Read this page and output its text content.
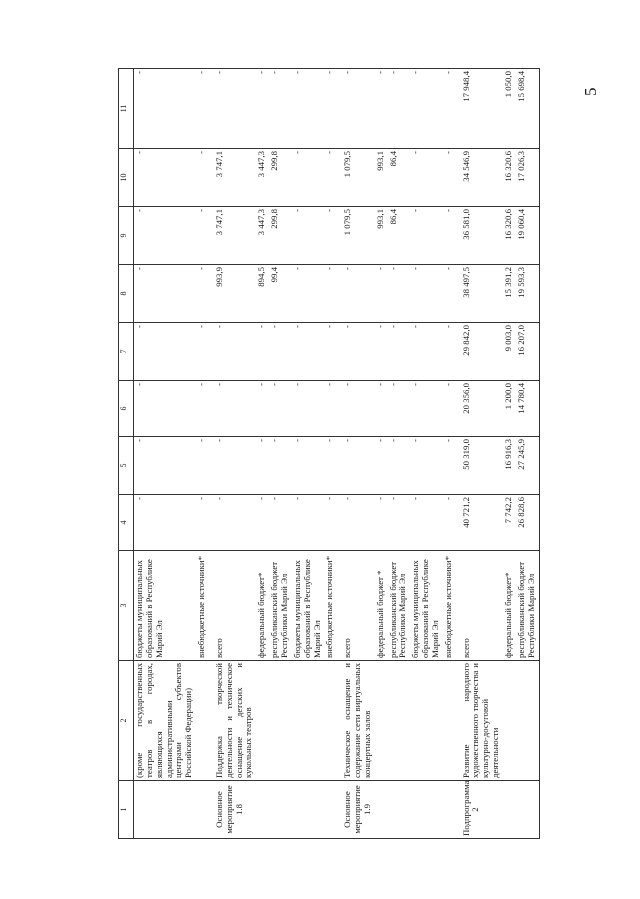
5
1	2	3	4	5	6	7	8	9	10	11
	(кроме государственных театров в городах, являющихся административными центрами субъектов Российской Федерации)	бюджеты муниципальных образований в Республике Марий Эл	-	-	-	-	-	-	-	-
		внебюджетные источники*	-	-	-	-	-	-	-	-
Основное мероприятие 1.8	Поддержка творческой деятельности и техническое оснащение детских и кукольных театров	всего	-	-	-	-	993,9	3 747,1	3 747,1	-
		федеральный бюджет*	-	-	-	-	894,5	3 447,3	3 447,3	-
		республиканский бюджет Республики Марий Эл	-	-	-	-	99,4	299,8	299,8	-
		бюджеты муниципальных образований в Республике Марий Эл	-	-	-	-	-	-	-	-
		внебюджетные источники*	-	-	-	-	-	-	-	-
Основное мероприятие 1.9	Техническое оснащение и содержание сети виртуальных концертных залов	всего	-	-	-	-	-	1 079,5	1 079,5	-
		федеральный бюджет *	-	-	-	-	-	993,1	993,1	-
		республиканский бюджет Республики Марий Эл	-	-	-	-	-	86,4	86,4	-
		бюджеты муниципальных образований в Республике Марий Эл	-	-	-	-	-	-	-	-
		внебюджетные источники*	-	-	-	-	-	-	-	-
Подпрограмма 2	Развитие народного художественного творчества и культурно-досуговой деятельности	всего	40 721,2	50 319,0	20 356,0	29 842,0	38 497,5	36 581,0	34 546,9	17 948,4
		федеральный бюджет*	7 742,2	16 916,3	1 200,0	9 003,0	15 391,2	16 320,6	16 320,6	1 050,0
		республиканский бюджет Республики Марий Эл	26 828,6	27 245,9	14 780,4	16 207,0	19 593,3	19 060,4	17 026,3	15 698,4
